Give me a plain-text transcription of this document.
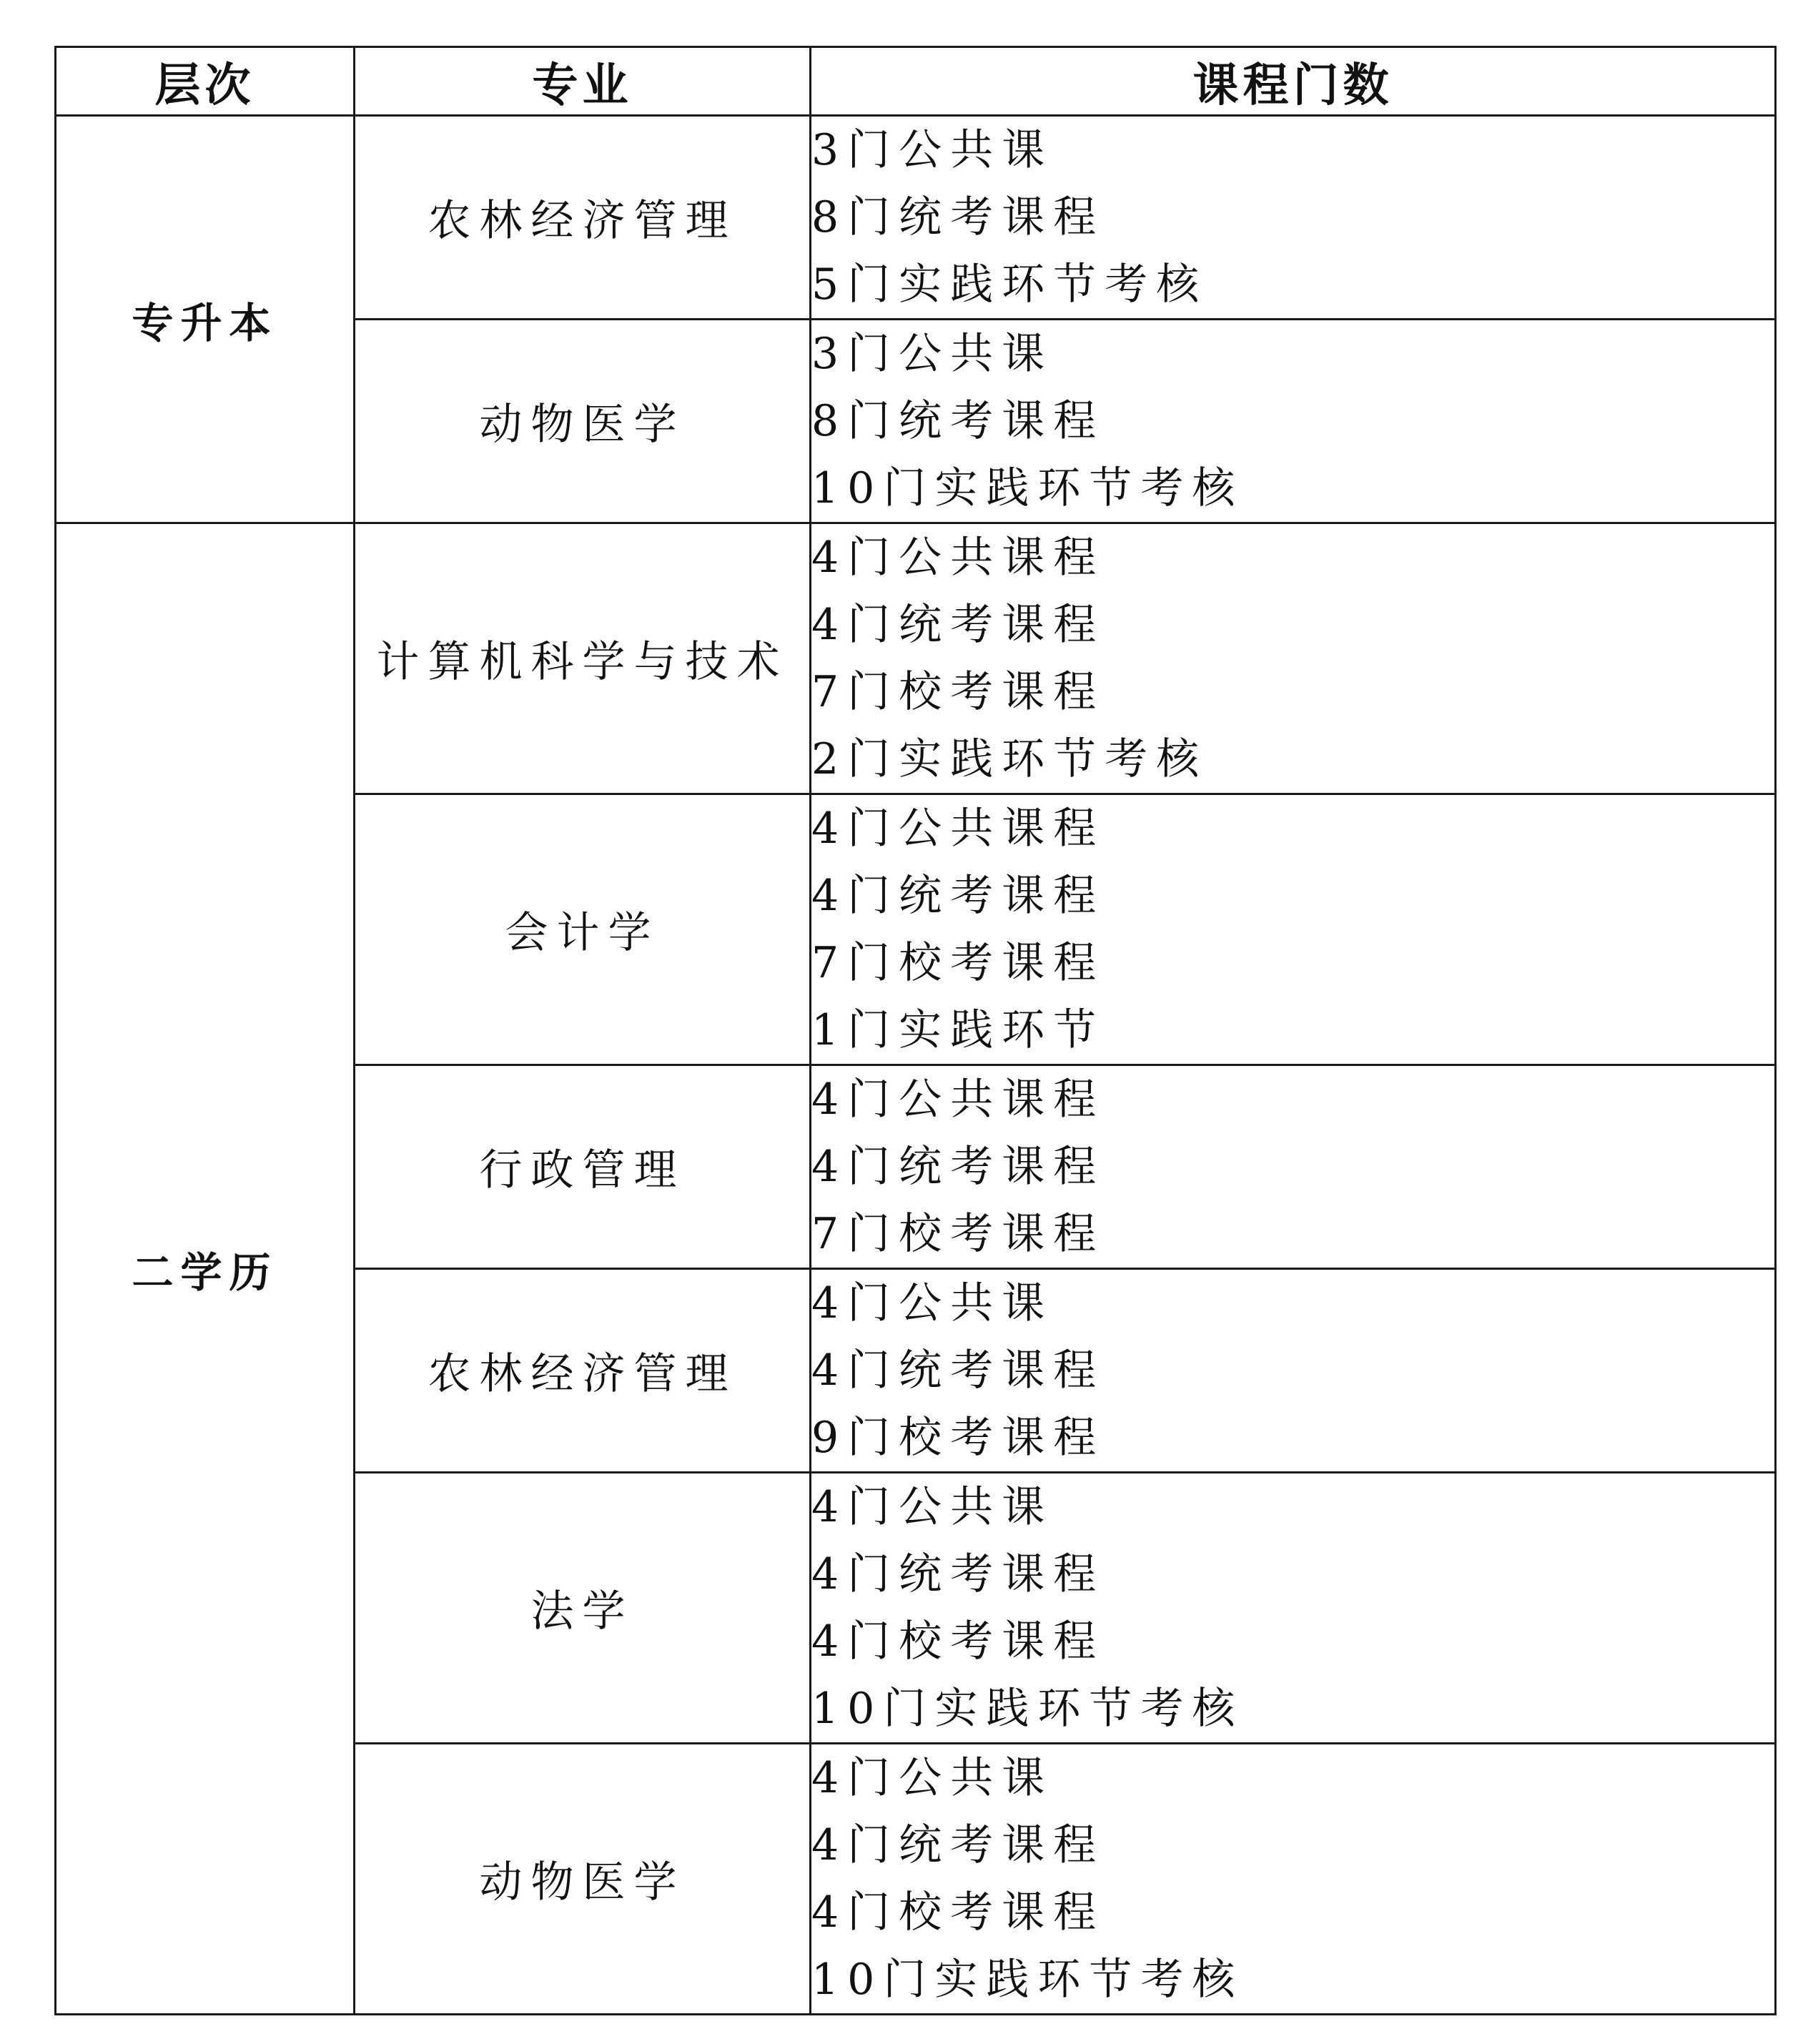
层次	专业	课程门数
专升本	农林经济管理	3门公共课
8门统考课程
5门实践环节考核

	动物医学	3门公共课
8门统考课程
10门实践环节考核

二学历	计算机科学与技术	4门公共课程
4门统考课程
7门校考课程
2门实践环节考核

	会计学	4门公共课程
4门统考课程
7门校考课程
1门实践环节

	行政管理	4门公共课程
4门统考课程
7门校考课程

	农林经济管理	4门公共课
4门统考课程
9门校考课程

	法学	4门公共课
4门统考课程
4门校考课程
10门实践环节考核

	动物医学	4门公共课
4门统考课程
4门校考课程
10门实践环节考核
